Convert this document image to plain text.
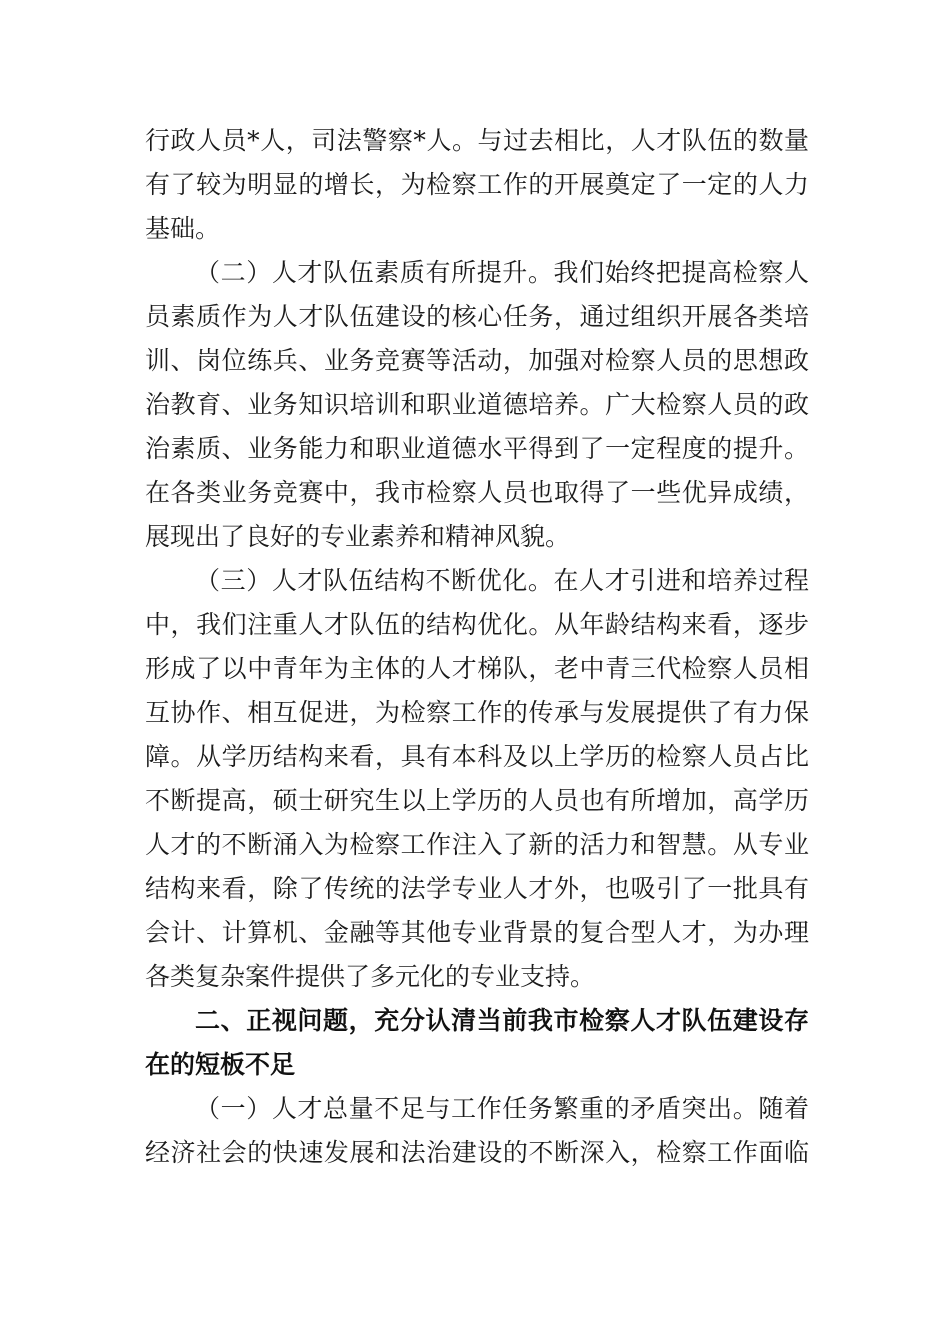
行政人员*人，司法警察*人。与过去相比，人才队伍的数量
有了较为明显的增长，为检察工作的开展奠定了一定的人力
基础。
（二）人才队伍素质有所提升。我们始终把提高检察人
员素质作为人才队伍建设的核心任务，通过组织开展各类培
训、岗位练兵、业务竞赛等活动，加强对检察人员的思想政
治教育、业务知识培训和职业道德培养。广大检察人员的政
治素质、业务能力和职业道德水平得到了一定程度的提升。
在各类业务竞赛中，我市检察人员也取得了一些优异成绩，
展现出了良好的专业素养和精神风貌。
（三）人才队伍结构不断优化。在人才引进和培养过程
中，我们注重人才队伍的结构优化。从年龄结构来看，逐步
形成了以中青年为主体的人才梯队，老中青三代检察人员相
互协作、相互促进，为检察工作的传承与发展提供了有力保
障。从学历结构来看，具有本科及以上学历的检察人员占比
不断提高，硕士研究生以上学历的人员也有所增加，高学历
人才的不断涌入为检察工作注入了新的活力和智慧。从专业
结构来看，除了传统的法学专业人才外，也吸引了一批具有
会计、计算机、金融等其他专业背景的复合型人才，为办理
各类复杂案件提供了多元化的专业支持。
二、正视问题，充分认清当前我市检察人才队伍建设存
在的短板不足
（一）人才总量不足与工作任务繁重的矛盾突出。随着
经济社会的快速发展和法治建设的不断深入，检察工作面临
